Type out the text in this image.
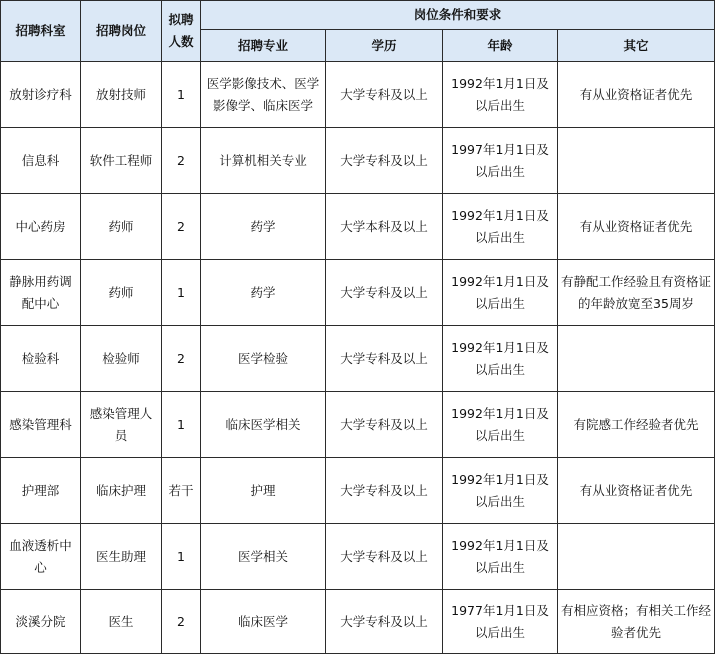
招聘科室	招聘岗位	拟聘人数	岗位条件和要求			
			招聘专业	学历	年龄	其它
放射诊疗科	放射技师	1	医学影像技术、医学影像学、临床医学	大学专科及以上	1992年1月1日及以后出生	有从业资格证者优先
信息科	软件工程师	2	计算机相关专业	大学专科及以上	1997年1月1日及以后出生	
中心药房	药师	2	药学	大学本科及以上	1992年1月1日及以后出生	有从业资格证者优先
静脉用药调配中心	药师	1	药学	大学专科及以上	1992年1月1日及以后出生	有静配工作经验且有资格证的年龄放宽至35周岁
检验科	检验师	2	医学检验	大学专科及以上	1992年1月1日及以后出生	
感染管理科	感染管理人员	1	临床医学相关	大学专科及以上	1992年1月1日及以后出生	有院感工作经验者优先
护理部	临床护理	若干	护理	大学专科及以上	1992年1月1日及以后出生	有从业资格证者优先
血液透析中心	医生助理	1	医学相关	大学专科及以上	1992年1月1日及以后出生	
淡溪分院	医生	2	临床医学	大学专科及以上	1977年1月1日及以后出生	有相应资格；有相关工作经验者优先
